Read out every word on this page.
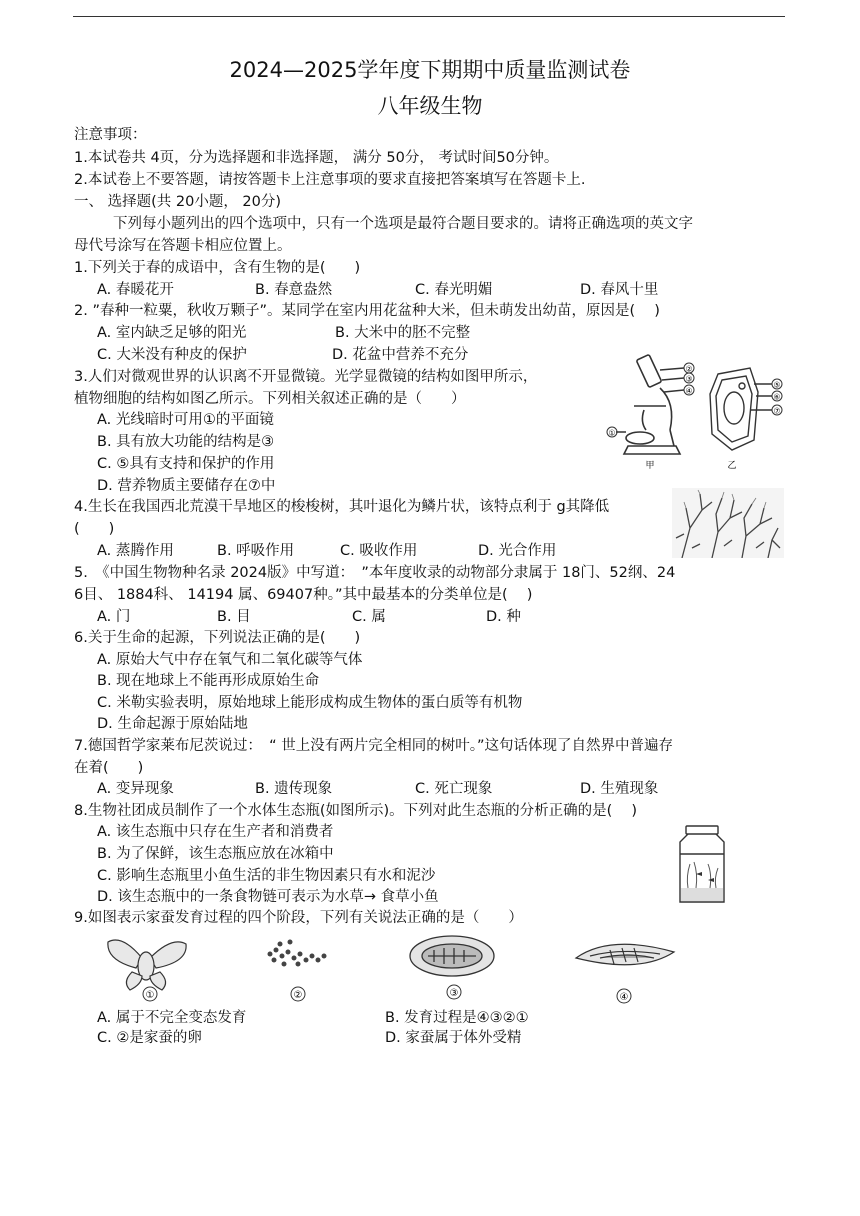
2024—2025学年度下期期中质量监测试卷
八年级生物
注意事项：
1.本试卷共 4页，分为选择题和非选择题， 满分 50分， 考试时间50分钟。
2.本试卷上不要答题，请按答题卡上注意事项的要求直接把答案填写在答题卡上.
一、 选择题(共 20小题， 20分)
下列每小题列出的四个选项中，只有一个选项是最符合题目要求的。请将正确选项的英文字
母代号涂写在答题卡相应位置上。
1.下列关于春的成语中，含有生物的是(　　)
A. 春暖花开	B. 春意盎然	C. 春光明媚	D. 春风十里
2. ”春种一粒粟，秋收万颗子”。某同学在室内用花盆种大米，但未萌发出幼苗，原因是(　 )
A. 室内缺乏足够的阳光	B. 大米中的胚不完整
C. 大米没有种皮的保护	D. 花盆中营养不充分
3.人们对微观世界的认识离不开显微镜。光学显微镜的结构如图甲所示，
植物细胞的结构如图乙所示。下列相关叙述正确的是（　　）
A. 光线暗时可用①的平面镜
B. 具有放大功能的结构是③
C. ⑤具有支持和保护的作用
D. 营养物质主要储存在⑦中
②
③
④
①
甲
⑤
⑥
⑦
乙
4.生长在我国西北荒漠干旱地区的梭梭树，其叶退化为鳞片状，该特点利于 g其降低
(　　)
A. 蒸腾作用	B. 呼吸作用	C. 吸收作用	D. 光合作用
5.　《中国生物物种名录 2024版》中写道：　”本年度收录的动物部分隶属于 18门、52纲、24
6目、 1884科、 14194 属、69407种。”其中最基本的分类单位是(　 )
A. 门	B. 目	C. 属	D. 种
6.关于生命的起源，下列说法正确的是(　　)
A. 原始大气中存在氧气和二氧化碳等气体
B. 现在地球上不能再形成原始生命
C. 米勒实验表明，原始地球上能形成构成生物体的蛋白质等有机物
D. 生命起源于原始陆地
7.德国哲学家莱布尼茨说过：　“ 世上没有两片完全相同的树叶。”这句话体现了自然界中普遍存
在着(　　)
A. 变异现象	B. 遗传现象	C. 死亡现象	D. 生殖现象
8.生物社团成员制作了一个水体生态瓶(如图所示)。下列对此生态瓶的分析正确的是(　 )
A. 该生态瓶中只存在生产者和消费者
B. 为了保鲜，该生态瓶应放在冰箱中
C. 影响生态瓶里小鱼生活的非生物因素只有水和泥沙
D. 该生态瓶中的一条食物链可表示为水草→ 食草小鱼
9.如图表示家蚕发育过程的四个阶段，下列有关说法正确的是（　　）
①	②	③	④
A. 属于不完全变态发育	B. 发育过程是④③②①
C. ②是家蚕的卵	D. 家蚕属于体外受精
